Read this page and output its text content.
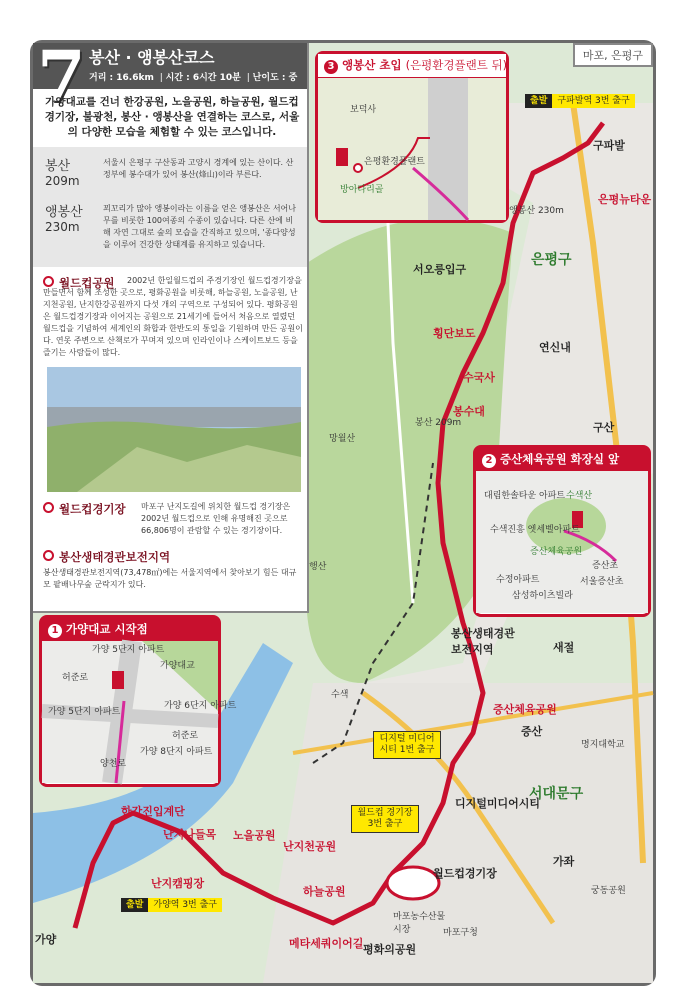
7 봉산 · 앵봉산코스
거리 : 16.6km | 시간 : 6시간 10분 | 난이도 : 중
가양대교를 건너 한강공원, 노을공원, 하늘공원, 월드컵경기장, 불광천, 봉산 · 앵봉산을 연결하는 코스로, 서울의 다양한 모습을 체험할 수 있는 코스입니다.
봉산
209m
서울시 은평구 구산동과 고양시 경계에 있는 산이다. 산정부에 봉수대가 있어 봉산(烽山)이라 부른다.
앵봉산
230m
꾀꼬리가 많아 앵봉이라는 이름을 얻은 앵봉산은 서어나무를 비롯한 100여종의 수종이 있습니다. 다른 산에 비해 자연 그대로 숲의 모습을 간직하고 있으며, '종다양성을 이루어 건강한 상태계를 유지하고 있습니다.
월드컵공원	2002년 한일월드컵의 주경기장인 월드컵경기장을 만들면서 함께 조성한 곳으로, 평화공원을 비롯해, 하늘공원, 노을공원, 난지천공원, 난지한강공원까지 다섯 개의 구역으로 구성되어 있다. 평화공원은 월드컵경기장과 이어지는 공원으로 21세기에 들어서 처음으로 열렸던 월드컵을 기념하여 세계인의 화합과 한반도의 통일을 기원하며 만든 공원이다. 연못 주변으로 산책로가 꾸며져 있으며 인라인이나 스케이트보드 등을 즐기는 사람들이 많다.
월드컵경기장 마포구 난지도길에 위치한 월드컵 경기장은 2002년 월드컵으로 인해 유명해진 곳으로 66,806명이 관람할 수 있는 경기장이다.
봉산생태경관보전지역
봉산생태경관보전지역(73,478㎡)에는 서울지역에서 찾아보기 힘든 대규모 팥배나무숲 군락지가 있다.
마포, 은평구
3 앵봉산 초입 (은평환경플랜트 뒤)
보덕사
은평환경플랜트
방아다리골
2 증산체육공원 화장실 앞
대림한솔타운 아파트 수색산
수색진흥 엣세벨아파트
증산체육공원
수정아파트
증산초
서울증산초
삼성하이츠빌라
1 가양대교 시작점
가양 5단지 아파트
가양 5단지 아파트
가양 6단지 아파트
가양 8단지 아파트
허준로
허준로
양천로
가양대교
구파발
은평뉴타운
서오릉입구
횡단보도
수국사
봉수대
봉산생태경관 보전지역
증산체육공원
디지털미디어시티
월드컵경기장
한강진입계단
난지나들목 노을공원
난지천공원
하늘공원
난지캠핑장
메타세쿼이어길 평화의공원
가양
은평구
서대문구
앵봉산 230m
봉산 209m
연신내
구산
새절
증산
가좌
망월산
행산
수색
명지대학교
마포구청
궁동공원
마포농수산물 시장
출발 구파발역 3번 출구
출발 가양역 3번 출구
디지털 미디어 시티 1번 출구
월드컵 경기장 3번 출구
